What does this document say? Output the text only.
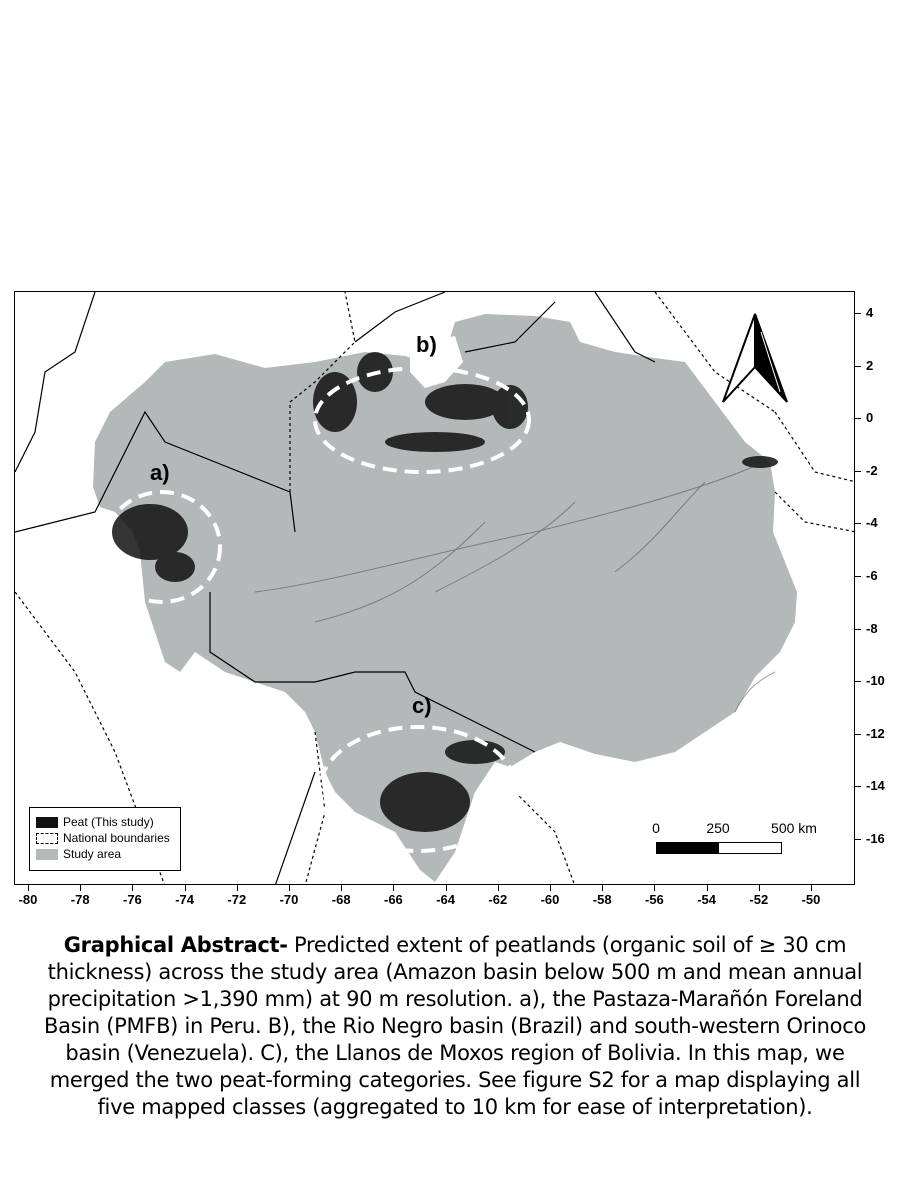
a)
b)
c)
Peat (This study)
National boundaries
Study area
0	250	500 km
Graphical Abstract- Predicted extent of peatlands (organic soil of ≥ 30 cm thickness) across the study area (Amazon basin below 500 m and mean annual precipitation >1,390 mm) at 90 m resolution. a), the Pastaza-Marañón Foreland Basin (PMFB) in Peru. B), the Rio Negro basin (Brazil) and south-western Orinoco basin (Venezuela). C), the Llanos de Moxos region of Bolivia. In this map, we merged the two peat-forming categories. See figure S2 for a map displaying all five mapped classes (aggregated to 10 km for ease of interpretation).
-80	-78	-76	-74	-72	-70	-68	-66	-64	-62	-60	-58	-56	-54	-52	-50
4
2
0
-2
-4
-6
-8
-10
-12
-14
-16
